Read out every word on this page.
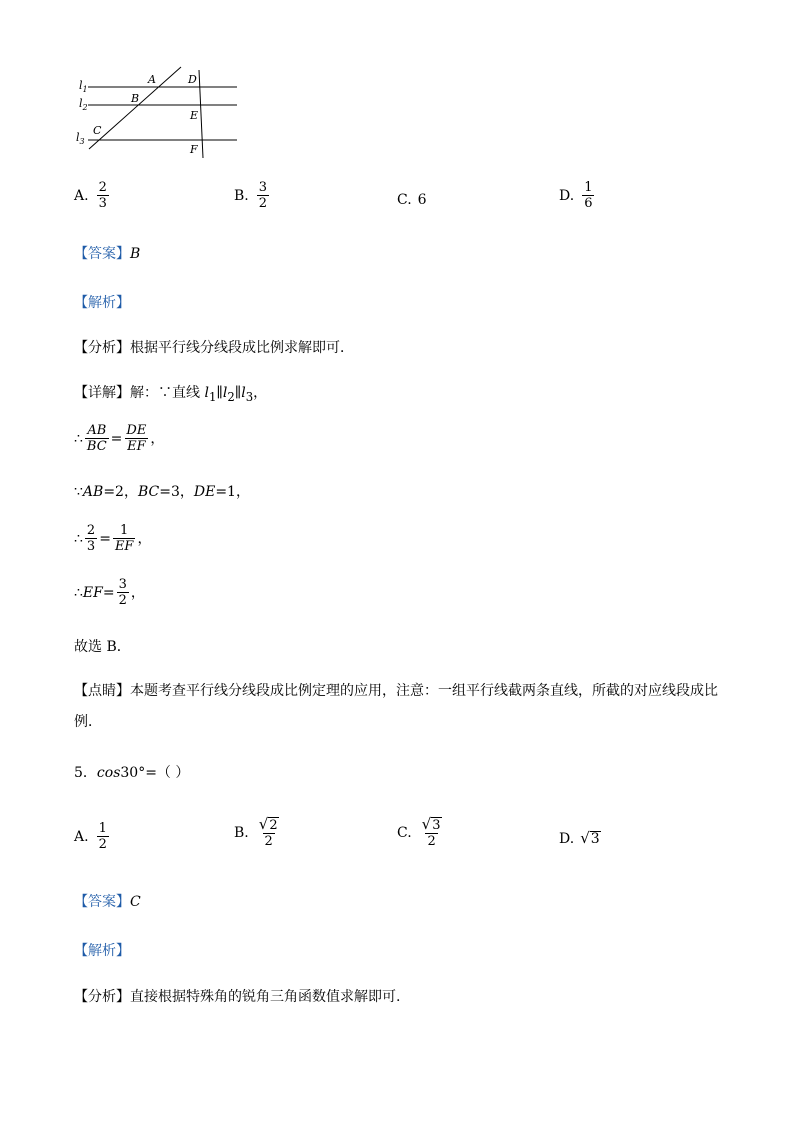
$l_1$
$l_2$
$l_3$
A
B
C
D
E
F
A. $\frac{2}{3}$	B. $\frac{3}{2}$	C. 6	D. $\frac{1}{6}$
【答案】B
【解析】
【分析】根据平行线分线段成比例求解即可．
【详解】解：∵直线 $l_1\parallel l_2\parallel l_3$，
∴ $\frac{AB}{BC} = \frac{DE}{EF}$ ，
∵AB=2，BC=3，DE=1，
∴ $\frac{2}{3} = \frac{1}{EF}$ ，
∴ EF = $\frac{3}{2}$ ，
故选 B．
【点睛】本题考查平行线分线段成比例定理的应用，注意：一组平行线截两条直线，所截的对应线段成比
例．
5．cos30°=（ ）
A. $\frac{1}{2}$	B. $\frac{√ 2}{2}$	C. $\frac{√ 3}{2}$	D. √ 3
【答案】C
【解析】
【分析】直接根据特殊角的锐角三角函数值求解即可.
